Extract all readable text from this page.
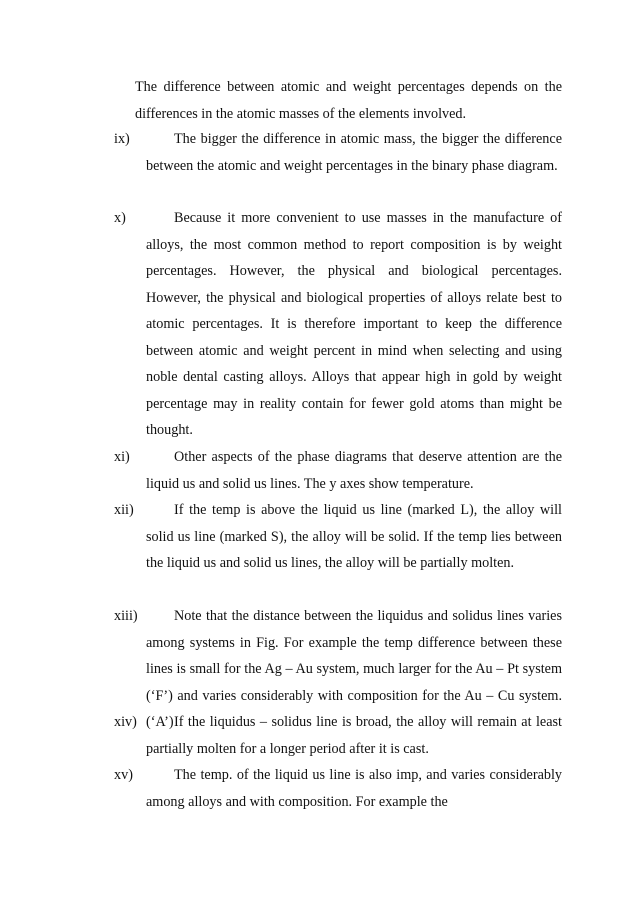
The difference between atomic and weight percentages depends on the differences in the atomic masses of the elements involved.
ix)	The bigger the difference in atomic mass, the bigger the difference between the atomic and weight percentages in the binary phase diagram.

x)	Because it more convenient to use masses in the manufacture of alloys, the most common method to report composition is by weight percentages. However, the physical and biological percentages. However, the physical and biological properties of alloys relate best to atomic percentages. It is therefore important to keep the difference between atomic and weight percent in mind when selecting and using noble dental casting alloys. Alloys that appear high in gold by weight percentage may in reality contain for fewer gold atoms than might be thought.

xi)	Other aspects of the phase diagrams that deserve attention are the liquid us and solid us lines. The y axes show temperature.

xii)	If the temp is above the liquid us line (marked L), the alloy will solid us line (marked S), the alloy will be solid. If the temp lies between the liquid us and solid us lines, the alloy will be partially molten.

xiii)	Note that the distance between the liquidus and solidus lines varies among systems in Fig. For example the temp difference between these lines is small for the Ag – Au system, much larger for the Au – Pt system (‘F’) and varies considerably with composition for the Au – Cu system. (‘A’)

xiv)	If the liquidus – solidus line is broad, the alloy will remain at least partially molten for a longer period after it is cast.

xv)	The temp. of the liquid us line is also imp, and varies considerably among alloys and with composition. For example the
